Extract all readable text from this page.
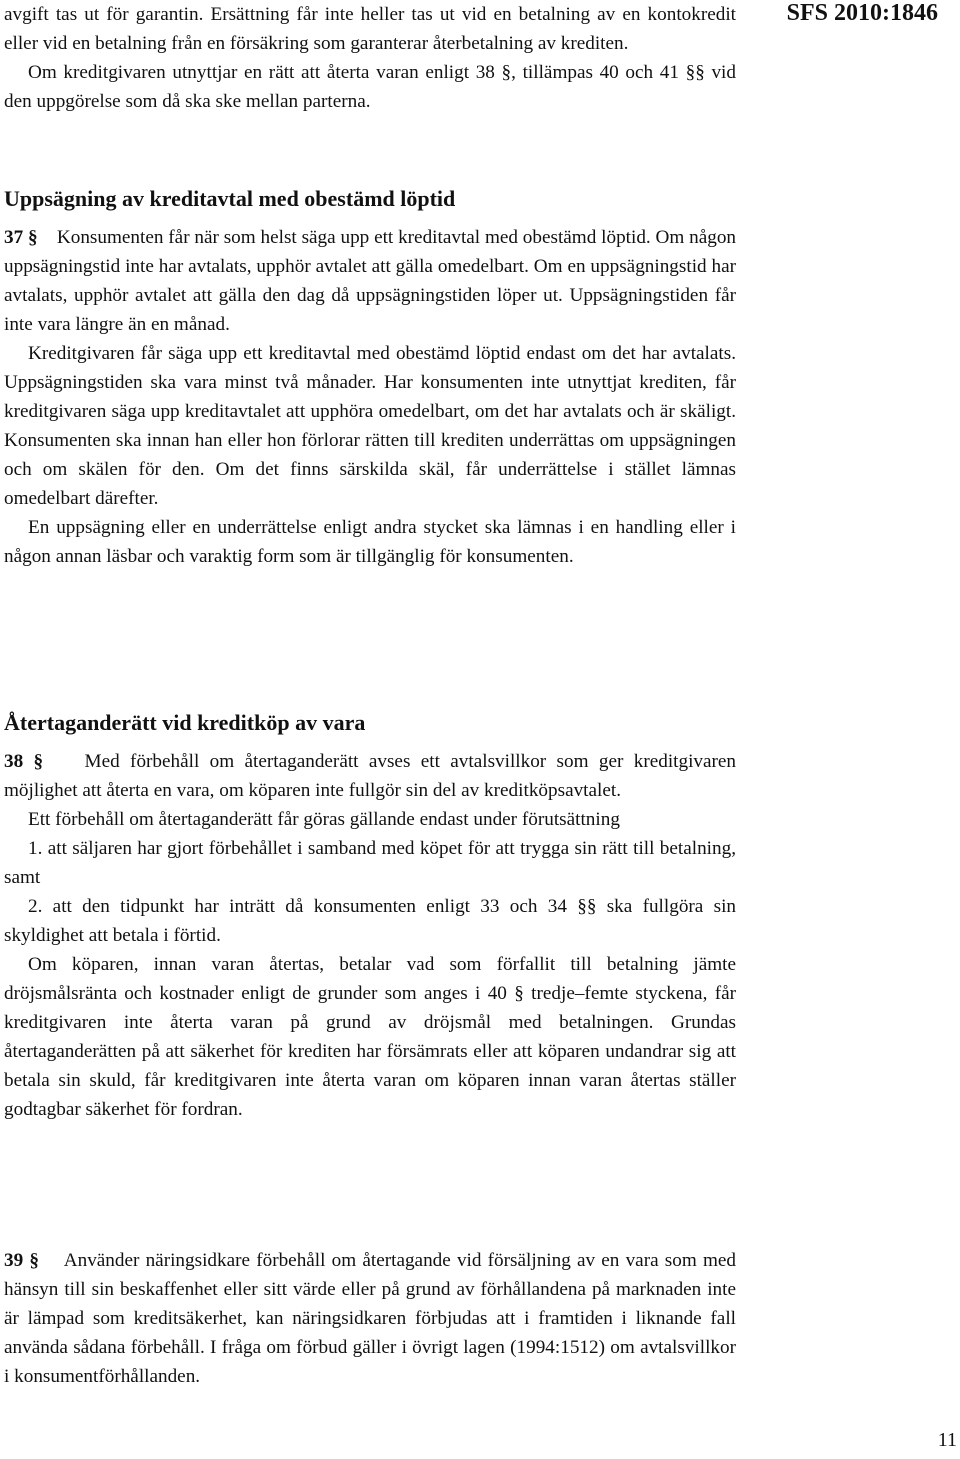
SFS 2010:1846

avgift tas ut för garantin. Ersättning får inte heller tas ut vid en betalning av en kontokredit eller vid en betalning från en försäkring som garanterar återbetalning av krediten.

Om kreditgivaren utnyttjar en rätt att återta varan enligt 38 §, tillämpas 40 och 41 §§ vid den uppgörelse som då ska ske mellan parterna.

Uppsägning av kreditavtal med obestämd löptid

37 § Konsumenten får när som helst säga upp ett kreditavtal med obestämd löptid. Om någon uppsägningstid inte har avtalats, upphör avtalet att gälla omedelbart. Om en uppsägningstid har avtalats, upphör avtalet att gälla den dag då uppsägningstiden löper ut. Uppsägningstiden får inte vara längre än en månad.

Kreditgivaren får säga upp ett kreditavtal med obestämd löptid endast om det har avtalats. Uppsägningstiden ska vara minst två månader. Har konsumenten inte utnyttjat krediten, får kreditgivaren säga upp kreditavtalet att upphöra omedelbart, om det har avtalats och är skäligt. Konsumenten ska innan han eller hon förlorar rätten till krediten underrättas om uppsägningen och om skälen för den. Om det finns särskilda skäl, får underrättelse i stället lämnas omedelbart därefter.

En uppsägning eller en underrättelse enligt andra stycket ska lämnas i en handling eller i någon annan läsbar och varaktig form som är tillgänglig för konsumenten.

Återtaganderätt vid kreditköp av vara

38 § Med förbehåll om återtaganderätt avses ett avtalsvillkor som ger kreditgivaren möjlighet att återta en vara, om köparen inte fullgör sin del av kreditköpsavtalet.

Ett förbehåll om återtaganderätt får göras gällande endast under förutsättning

1. att säljaren har gjort förbehållet i samband med köpet för att trygga sin rätt till betalning, samt

2. att den tidpunkt har inträtt då konsumenten enligt 33 och 34 §§ ska fullgöra sin skyldighet att betala i förtid.

Om köparen, innan varan återtas, betalar vad som förfallit till betalning jämte dröjsmålsränta och kostnader enligt de grunder som anges i 40 § tredje–femte styckena, får kreditgivaren inte återta varan på grund av dröjsmål med betalningen. Grundas återtaganderätten på att säkerhet för krediten har försämrats eller att köparen undandrar sig att betala sin skuld, får kreditgivaren inte återta varan om köparen innan varan återtas ställer godtagbar säkerhet för fordran.

39 § Använder näringsidkare förbehåll om återtagande vid försäljning av en vara som med hänsyn till sin beskaffenhet eller sitt värde eller på grund av förhållandena på marknaden inte är lämpad som kreditsäkerhet, kan näringsidkaren förbjudas att i framtiden i liknande fall använda sådana förbehåll. I fråga om förbud gäller i övrigt lagen (1994:1512) om avtalsvillkor i konsumentförhållanden.

11
